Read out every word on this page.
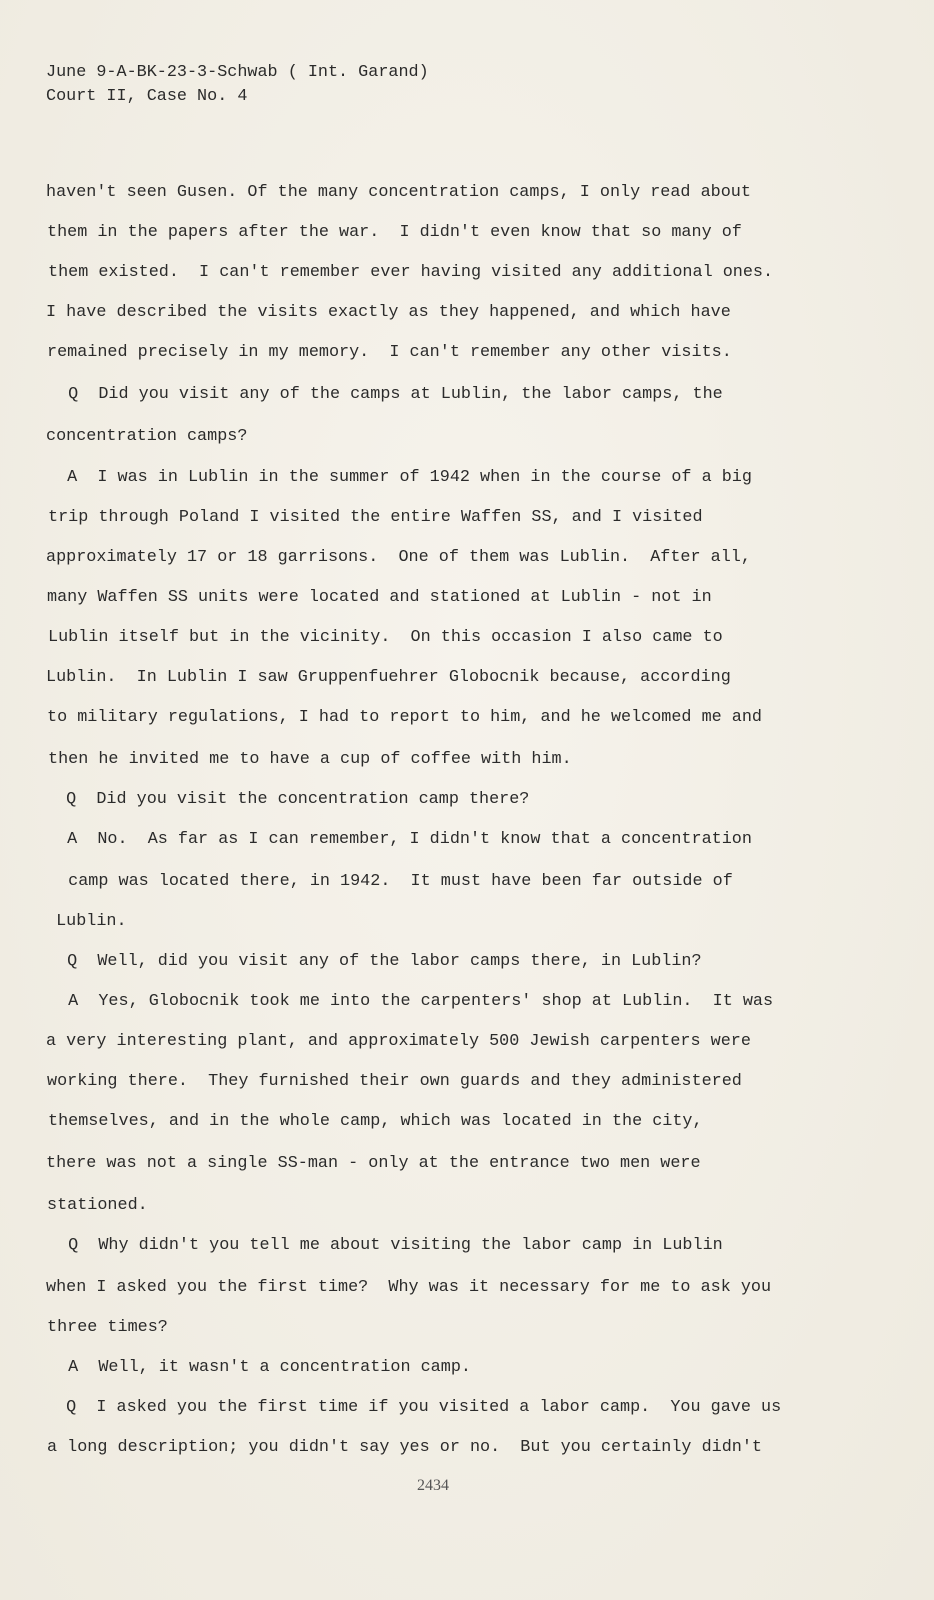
June 9-A-BK-23-3-Schwab ( Int. Garand)
Court II, Case No. 4
haven't seen Gusen. Of the many concentration camps, I only read about
them in the papers after the war.  I didn't even know that so many of
them existed.  I can't remember ever having visited any additional ones.
I have described the visits exactly as they happened, and which have
remained precisely in my memory.  I can't remember any other visits.
Q  Did you visit any of the camps at Lublin, the labor camps, the
concentration camps?
A  I was in Lublin in the summer of 1942 when in the course of a big
trip through Poland I visited the entire Waffen SS, and I visited
approximately 17 or 18 garrisons.  One of them was Lublin.  After all,
many Waffen SS units were located and stationed at Lublin - not in
Lublin itself but in the vicinity.  On this occasion I also came to
Lublin.  In Lublin I saw Gruppenfuehrer Globocnik because, according
to military regulations, I had to report to him, and he welcomed me and
then he invited me to have a cup of coffee with him.
Q  Did you visit the concentration camp there?
A  No.  As far as I can remember, I didn't know that a concentration
camp was located there, in 1942.  It must have been far outside of
Lublin.
Q  Well, did you visit any of the labor camps there, in Lublin?
A  Yes, Globocnik took me into the carpenters' shop at Lublin.  It was
a very interesting plant, and approximately 500 Jewish carpenters were
working there.  They furnished their own guards and they administered
themselves, and in the whole camp, which was located in the city,
there was not a single SS-man - only at the entrance two men were
stationed.
Q  Why didn't you tell me about visiting the labor camp in Lublin
when I asked you the first time?  Why was it necessary for me to ask you
three times?
A  Well, it wasn't a concentration camp.
Q  I asked you the first time if you visited a labor camp.  You gave us
a long description; you didn't say yes or no.  But you certainly didn't
2434
